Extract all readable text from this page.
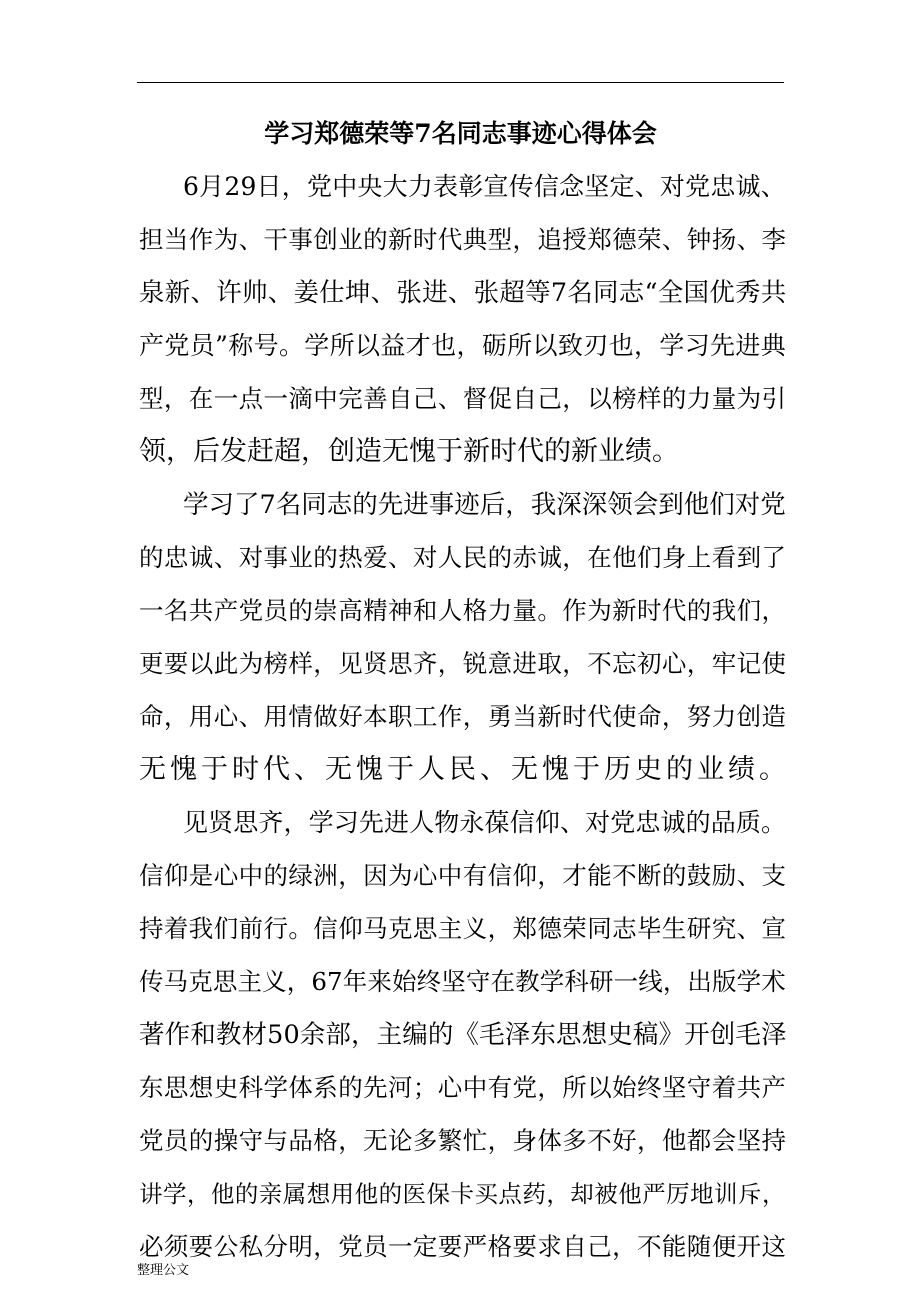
学习郑德荣等7名同志事迹心得体会

6月29日，党中央大力表彰宣传信念坚定、对党忠诚、

担当作为、干事创业的新时代典型，追授郑德荣、钟扬、李

泉新、许帅、姜仕坤、张进、张超等7名同志“全国优秀共

产党员”称号。学所以益才也，砺所以致刃也，学习先进典

型，在一点一滴中完善自己、督促自己，以榜样的力量为引

领，后发赶超，创造无愧于新时代的新业绩。

学习了7名同志的先进事迹后，我深深领会到他们对党

的忠诚、对事业的热爱、对人民的赤诚，在他们身上看到了

一名共产党员的崇高精神和人格力量。作为新时代的我们，

更要以此为榜样，见贤思齐，锐意进取，不忘初心，牢记使

命，用心、用情做好本职工作，勇当新时代使命，努力创造

无愧于时代、无愧于人民、无愧于历史的业绩。

见贤思齐，学习先进人物永葆信仰、对党忠诚的品质。

信仰是心中的绿洲，因为心中有信仰，才能不断的鼓励、支

持着我们前行。信仰马克思主义，郑德荣同志毕生研究、宣

传马克思主义，67年来始终坚守在教学科研一线，出版学术

著作和教材50余部，主编的《毛泽东思想史稿》开创毛泽

东思想史科学体系的先河；心中有党，所以始终坚守着共产

党员的操守与品格，无论多繁忙，身体多不好，他都会坚持

讲学，他的亲属想用他的医保卡买点药，却被他严厉地训斥，

必须要公私分明，党员一定要严格要求自己，不能随便开这

整理公文
